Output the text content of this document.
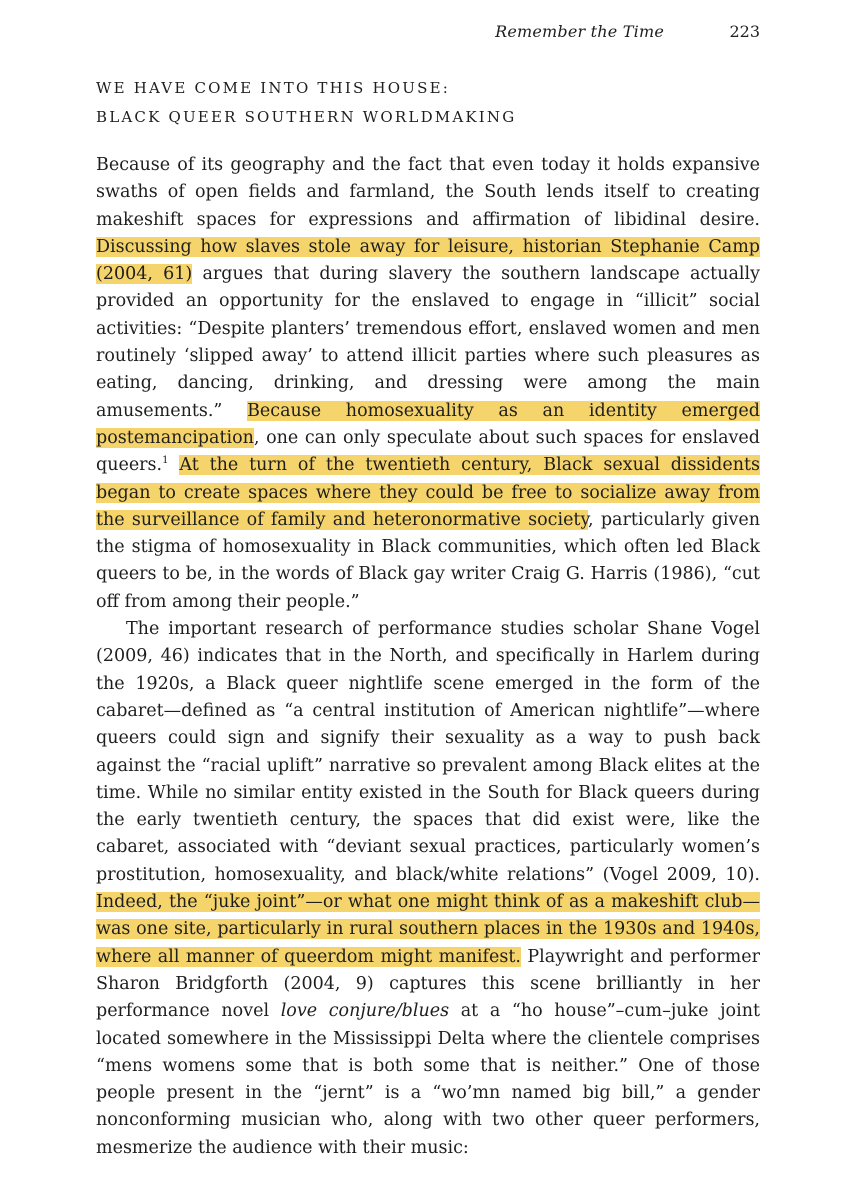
Remember the Time	223
WE HAVE COME INTO THIS HOUSE:
BLACK QUEER SOUTHERN WORLDMAKING

Because of its geography and the fact that even today it holds expansive swaths of open fields and farmland, the South lends itself to creating makeshift spaces for expressions and affirmation of libidinal desire. Discussing how slaves stole away for leisure, historian Stephanie Camp (2004, 61) argues that during slavery the southern landscape actually provided an opportunity for the enslaved to engage in “illicit” social activities: “Despite planters’ tremendous effort, enslaved women and men routinely ‘slipped away’ to attend illicit parties where such pleasures as eating, dancing, drinking, and dressing were among the main amusements.” Because homosexuality as an identity emerged postemancipation, one can only speculate about such spaces for enslaved queers.$^1$ At the turn of the twentieth century, Black sexual dissidents began to create spaces where they could be free to socialize away from the surveillance of family and heteronormative society, particularly given the stigma of homosexuality in Black communities, which often led Black queers to be, in the words of Black gay writer Craig G. Harris (1986), “cut off from among their people.”

The important research of performance studies scholar Shane Vogel (2009, 46) indicates that in the North, and specifically in Harlem during the 1920s, a Black queer nightlife scene emerged in the form of the cabaret—defined as “a central institution of American nightlife”—where queers could sign and signify their sexuality as a way to push back against the “racial uplift” narrative so prevalent among Black elites at the time. While no similar entity existed in the South for Black queers during the early twentieth century, the spaces that did exist were, like the cabaret, associated with “deviant sexual practices, particularly women’s prostitution, homosexuality, and black/white relations” (Vogel 2009, 10). Indeed, the “juke joint”—or what one might think of as a makeshift club—was one site, particularly in rural southern places in the 1930s and 1940s, where all manner of queerdom might manifest. Playwright and performer Sharon Bridgforth (2004, 9) captures this scene brilliantly in her performance novel love conjure/blues at a “ho house”–cum–juke joint located somewhere in the Mississippi Delta where the clientele comprises “mens womens some that is both some that is neither.” One of those people present in the “jernt” is a “wo’mn named big bill,” a gender nonconforming musician who, along with two other queer performers, mesmerize the audience with their music:
